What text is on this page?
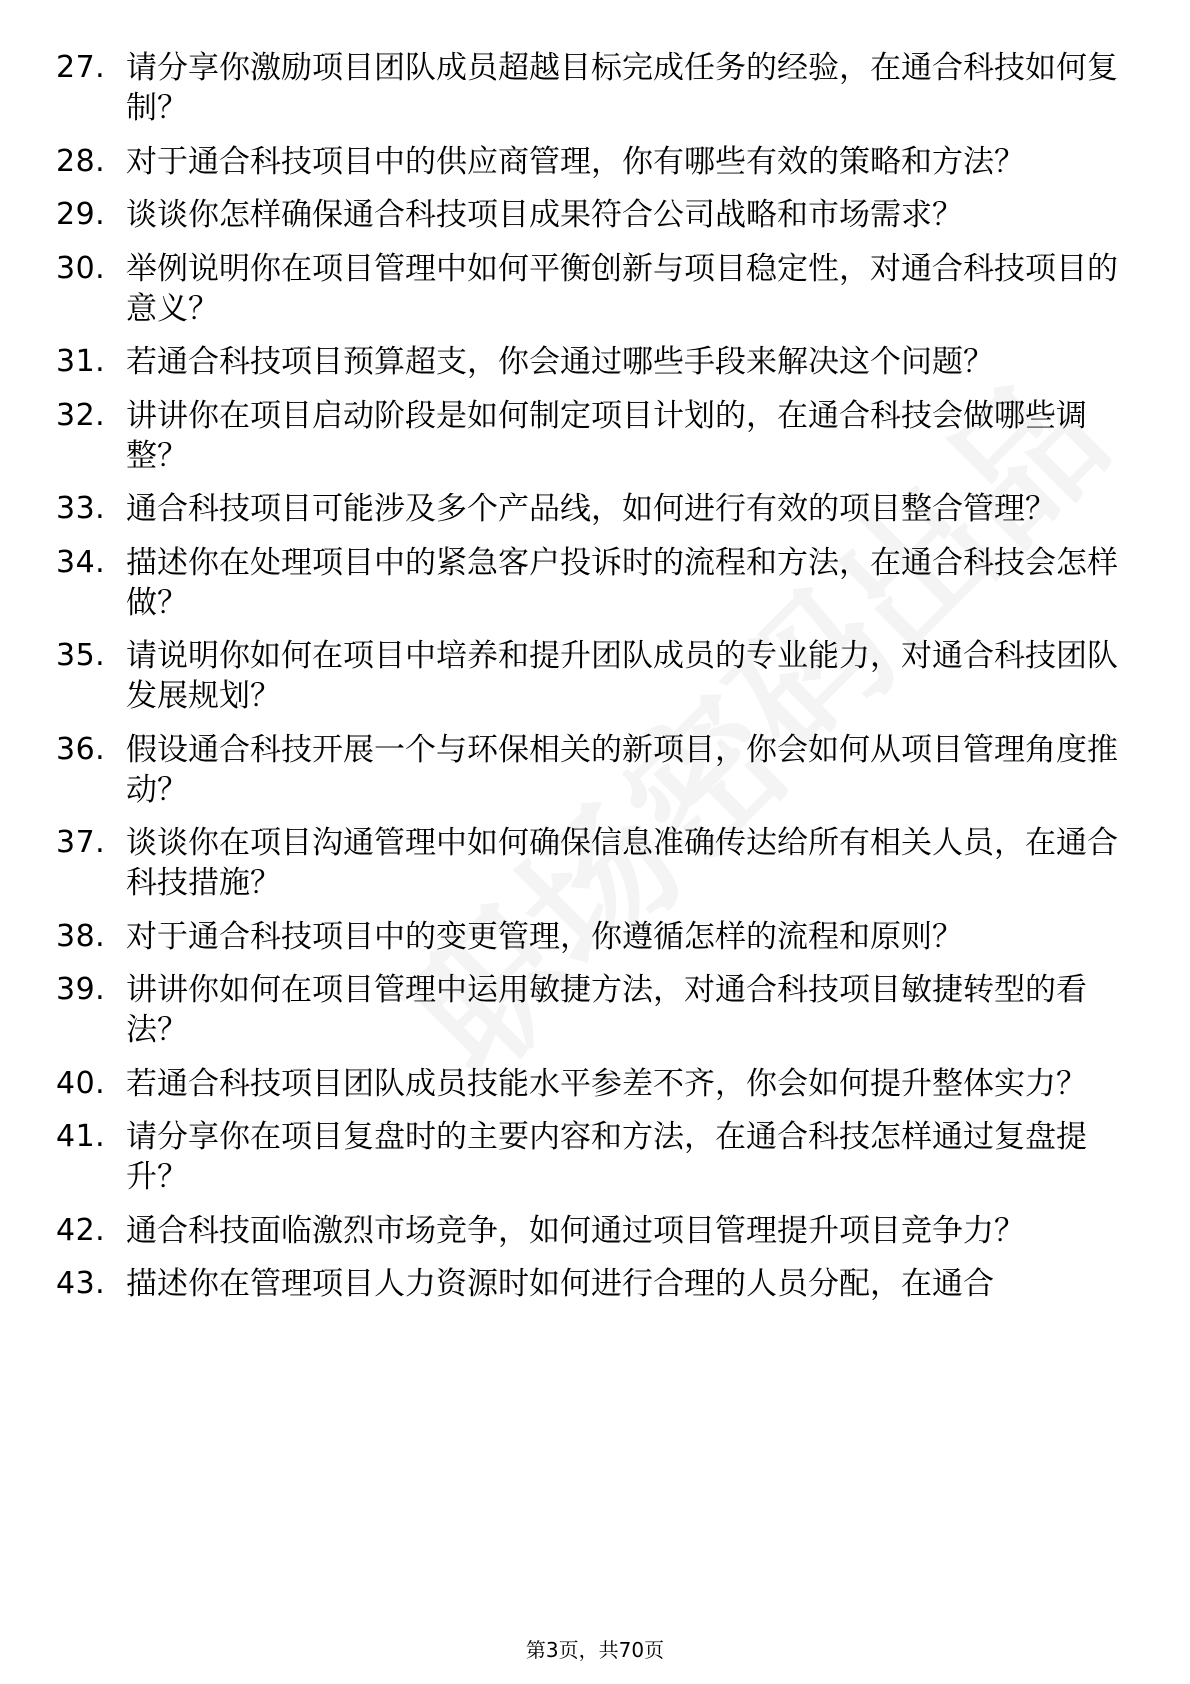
27. 请分享你激励项目团队成员超越目标完成任务的经验，在通合科技如何复制？
28. 对于通合科技项目中的供应商管理，你有哪些有效的策略和方法？
29. 谈谈你怎样确保通合科技项目成果符合公司战略和市场需求？
30. 举例说明你在项目管理中如何平衡创新与项目稳定性，对通合科技项目的意义？
31. 若通合科技项目预算超支，你会通过哪些手段来解决这个问题？
32. 讲讲你在项目启动阶段是如何制定项目计划的，在通合科技会做哪些调整？
33. 通合科技项目可能涉及多个产品线，如何进行有效的项目整合管理？
34. 描述你在处理项目中的紧急客户投诉时的流程和方法，在通合科技会怎样做？
35. 请说明你如何在项目中培养和提升团队成员的专业能力，对通合科技团队发展规划？
36. 假设通合科技开展一个与环保相关的新项目，你会如何从项目管理角度推动？
37. 谈谈你在项目沟通管理中如何确保信息准确传达给所有相关人员，在通合科技措施？
38. 对于通合科技项目中的变更管理，你遵循怎样的流程和原则？
39. 讲讲你如何在项目管理中运用敏捷方法，对通合科技项目敏捷转型的看法？
40. 若通合科技项目团队成员技能水平参差不齐，你会如何提升整体实力？
41. 请分享你在项目复盘时的主要内容和方法，在通合科技怎样通过复盘提升？
42. 通合科技面临激烈市场竞争，如何通过项目管理提升项目竞争力？
43. 描述你在管理项目人力资源时如何进行合理的人员分配，在通合
第3页，共70页
